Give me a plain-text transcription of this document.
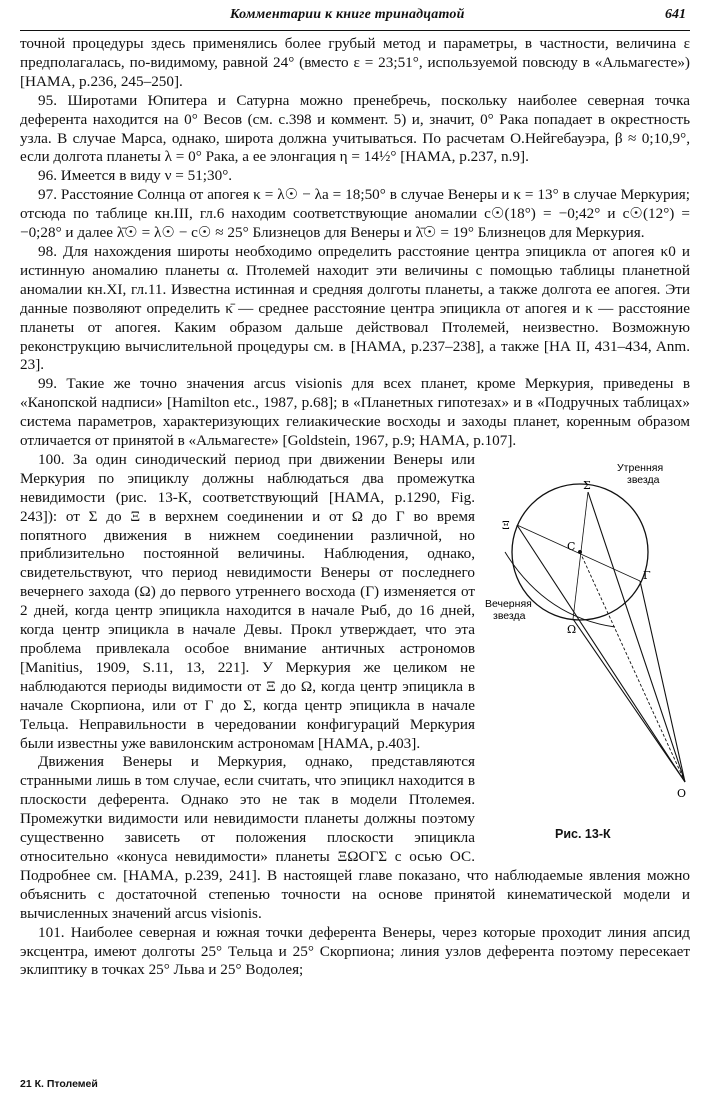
Комментарии к книге тринадцатой	641

точной процедуры здесь применялись более грубый метод и параметры, в частности, величина ε предполагалась, по-видимому, равной 24° (вместо ε = 23;51°, используемой повсюду в «Альмагесте») [НАМА, р.236, 245–250].

95. Широтами Юпитера и Сатурна можно пренебречь, поскольку наиболее северная точка деферента находится на 0° Весов (см. с.398 и коммент. 5) и, значит, 0° Рака попадает в окрестность узла. В случае Марса, однако, широта должна учитываться. По расчетам О.Нейгебауэра, β ≈ 0;10,9°, если долгота планеты λ = 0° Рака, а ее элонгация η = 14½° [НАМА, р.237, n.9].

96. Имеется в виду ν = 51;30°.

97. Расстояние Солнца от апогея κ = λ☉ − λa = 18;50° в случае Венеры и κ = 13° в случае Меркурия; отсюда по таблице кн.III, гл.6 находим соответствующие аномалии c☉(18°) = −0;42° и c☉(12°) = −0;28° и далее λ̄☉ = λ☉ − c☉ ≈ 25° Близнецов для Венеры и λ̄☉ = 19° Близнецов для Меркурия.

98. Для нахождения широты необходимо определить расстояние центра эпицикла от апогея κ0 и истинную аномалию планеты α. Птолемей находит эти величины с помощью таблицы планетной аномалии кн.XI, гл.11. Известна истинная и средняя долготы планеты, а также долгота ее апогея. Эти данные позволяют определить κ̄ — среднее расстояние центра эпицикла от апогея и κ — расстояние планеты от апогея. Каким образом дальше действовал Птолемей, неизвестно. Возможную реконструкцию вычислительной процедуры см. в [НАМА, р.237–238], а также [НА II, 431–434, Anm. 23].

99. Такие же точно значения arcus visionis для всех планет, кроме Меркурия, приведены в «Канопской надписи» [Hamilton etc., 1987, p.68]; в «Планетных гипотезах» и в «Подручных таблицах» система параметров, характеризующих гелиакические восходы и заходы планет, коренным образом отличается от принятой в «Альмагесте» [Goldstein, 1967, p.9; НАМА, р.107].

Σ
Ξ
Ω
Γ
C
O
Утренняя
звезда
Вечерняя
звезда
Рис. 13-К

100. За один синодический период при движении Венеры или Меркурия по эпициклу должны наблюдаться два промежутка невидимости (рис. 13-К, соответствующий [НАМА, р.1290, Fig. 243]): от Σ до Ξ в верхнем соединении и от Ω до Γ во время попятного движения в нижнем соединении различной, но приблизительно постоянной величины. Наблюдения, однако, свидетельствуют, что период невидимости Венеры от последнего вечернего захода (Ω) до первого утреннего восхода (Γ) изменяется от 2 дней, когда центр эпицикла находится в начале Рыб, до 16 дней, когда центр эпицикла в начале Девы. Прокл утверждает, что эта проблема привлекала особое внимание античных астрономов [Manitius, 1909, S.11, 13, 221]. У Меркурия же целиком не наблюдаются периоды видимости от Ξ до Ω, когда центр эпицикла в начале Скорпиона, или от Γ до Σ, когда центр эпицикла в начале Тельца. Неправильности в чередовании конфигураций Меркурия были известны уже вавилонским астрономам [НАМА, р.403].

Движения Венеры и Меркурия, однако, представляются странными лишь в том случае, если считать, что эпицикл находится в плоскости деферента. Однако это не так в модели Птолемея. Промежутки видимости или невидимости планеты должны поэтому существенно зависеть от положения плоскости эпицикла относительно «конуса невидимости» планеты ΞΩΟΓΣ с осью ОС. Подробнее см. [НАМА, р.239, 241]. В настоящей главе показано, что наблюдаемые явления можно объяснить с достаточной степенью точности на основе принятой кинематической модели и вычисленных значений arcus visionis.

101. Наиболее северная и южная точки деферента Венеры, через которые проходит линия апсид эксцентра, имеют долготы 25° Тельца и 25° Скорпиона; линия узлов деферента поэтому пересекает эклиптику в точках 25° Льва и 25° Водолея;

21 К. Птолемей
